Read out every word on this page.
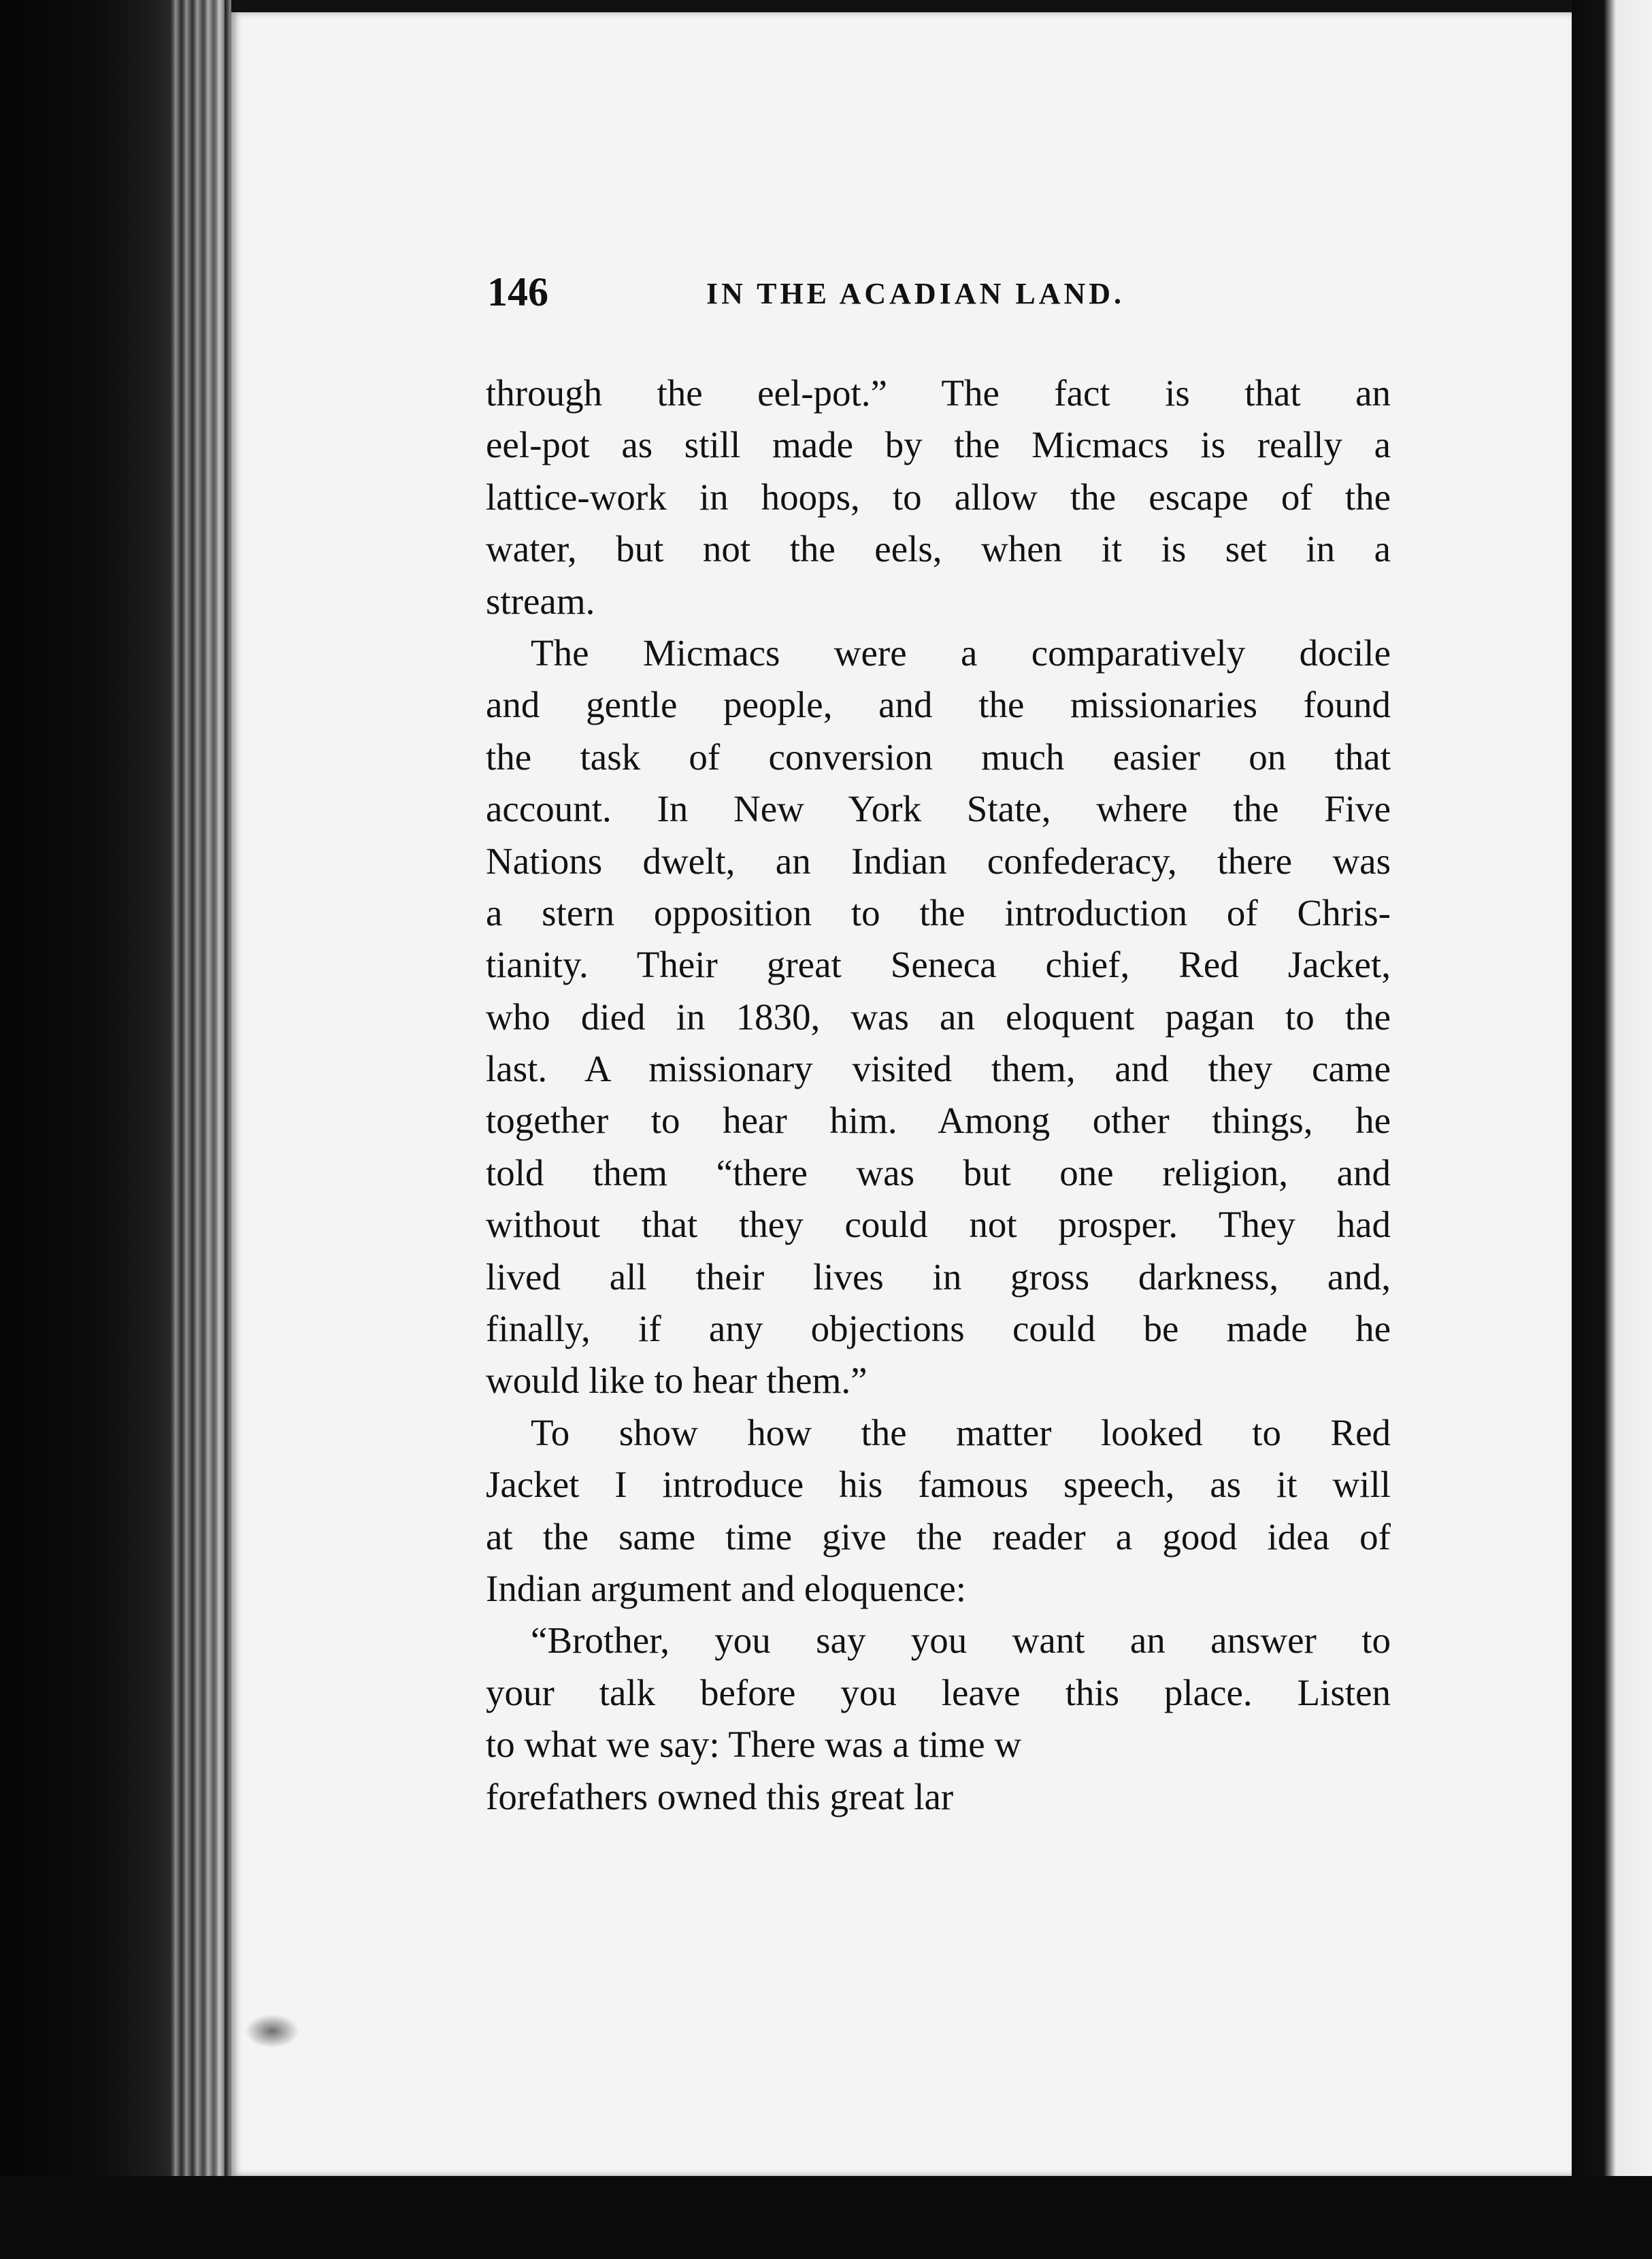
146	IN THE ACADIAN LAND.
through the eel-pot.” The fact is that an
eel-pot as still made by the Micmacs is really a
lattice-work in hoops, to allow the escape of the
water, but not the eels, when it is set in a
stream.
The Micmacs were a comparatively docile
and gentle people, and the missionaries found
the task of conversion much easier on that
account. In New York State, where the Five
Nations dwelt, an Indian confederacy, there was
a stern opposition to the introduction of Chris-
tianity. Their great Seneca chief, Red Jacket,
who died in 1830, was an eloquent pagan to the
last. A missionary visited them, and they came
together to hear him. Among other things, he
told them “there was but one religion, and
without that they could not prosper. They had
lived all their lives in gross darkness, and,
finally, if any objections could be made he
would like to hear them.”
To show how the matter looked to Red
Jacket I introduce his famous speech, as it will
at the same time give the reader a good idea of
Indian argument and eloquence:
“Brother, you say you want an answer to
your talk before you leave this place. Listen
to what we say: There was a time w
forefathers owned this great lar
